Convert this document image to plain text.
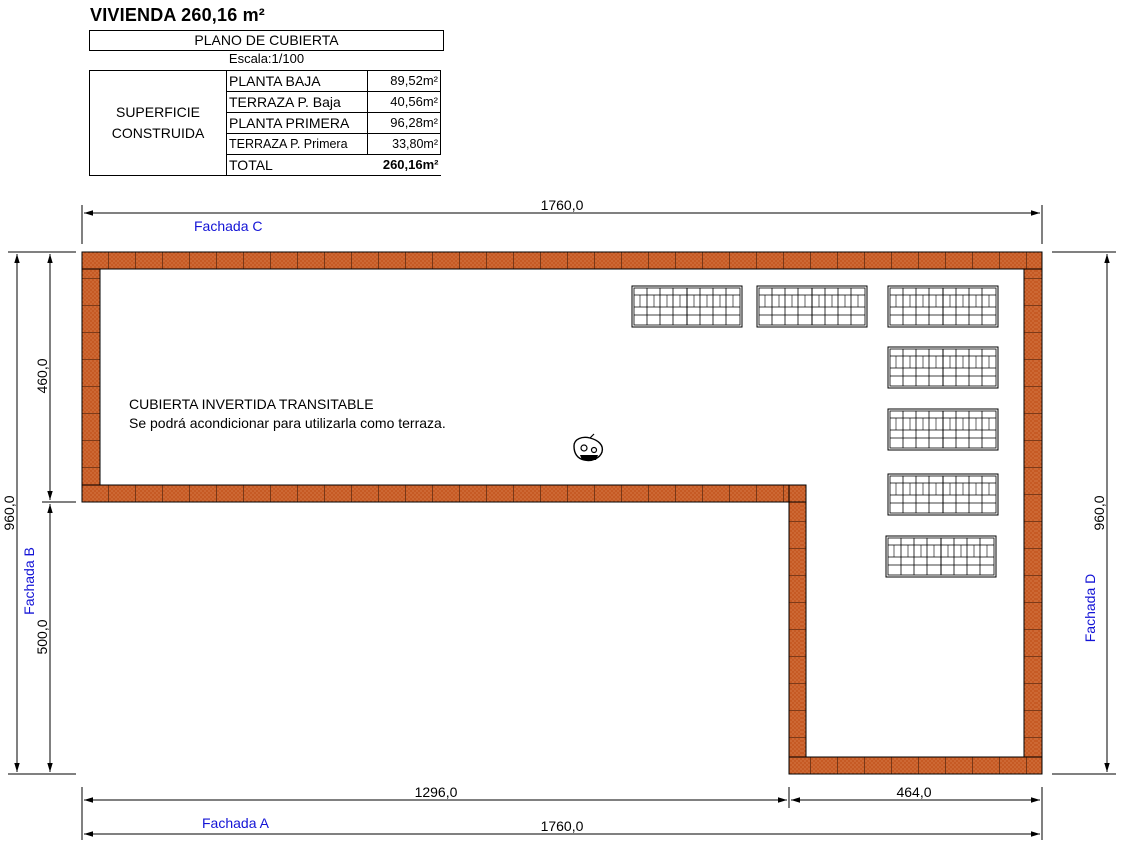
VIVIENDA 260,16 m²
PLANO DE CUBIERTA
Escala:1/100
SUPERFICIE
CONSTRUIDA	PLANTA BAJA	89,52m²
	TERRAZA P. Baja	40,56m²
	PLANTA PRIMERA	96,28m²
	TERRAZA P. Primera	33,80m²
	TOTAL	260,16m²
CUBIERTA INVERTIDA TRANSITABLE
Se podrá acondicionar para utilizarla como terraza.
1760,0
Fachada C
1296,0	464,0
1760,0
Fachada A
960,0
460,0
500,0
Fachada B
960,0
Fachada D
